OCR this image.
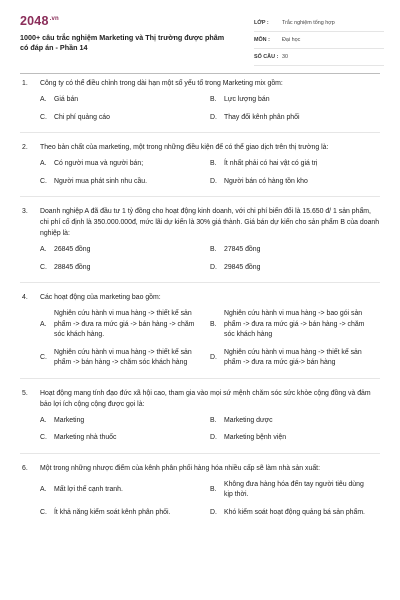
$2048^{.vn}$
1000+ câu trắc nghiệm Marketing và Thị trường được phâm có đáp án - Phần 14
LỚP :	Trắc nghiệm tổng hợp
MÔN :	Đại học
SỐ CÂU : 30
1.	Công ty có thể điều chỉnh trong dài hạn một số yếu tố trong Marketing mix gồm:
A.	Giá bán	B.	Lực lượng bán
C.	Chi phí quảng cáo	D.	Thay đổi kênh phân phối
2.	Theo bản chất của marketing, một trong những điều kiện để có thể giao dịch trên thị trường là:
A.	Có người mua và người bán;	B.	Ít nhất phải có hai vật có giá trị
C.	Người mua phát sinh nhu cầu.	D.	Người bán có hàng tồn kho
3.	Doanh nghiệp A đã đầu tư 1 tỷ đồng cho hoạt động kinh doanh, với chi phí biến đổi là 15.650 đ/ 1 sản phẩm, chi phí cố định là 350.000.000đ, mức lãi dự kiến là 30% giá thành. Giá bán dự kiến cho sản phẩm B của doanh nghiệp là:
A.	26845 đồng	B.	27845 đồng
C.	28845 đồng	D.	29845 đồng
4.	Các hoạt động của marketing bao gồm:
A.
Nghiên cứu hành vi mua hàng -> thiết kế sản phẩm -> đưa ra mức giá -> bán hàng -> chăm sóc khách hàng.
B.
Nghiên cứu hành vi mua hàng -> bao gói sản phẩm -> đưa ra mức giá -> bán hàng -> chăm sóc khách hàng
C.
Nghiên cứu hành vi mua hàng -> thiết kế sản phẩm -> bán hàng -> chăm sóc khách hàng
D.
Nghiên cứu hành vi mua hàng -> thiết kế sản phẩm -> đưa ra mức giá-> bán hàng
5.	Hoạt động mang tính đạo đức xã hội cao, tham gia vào mọi sứ mệnh chăm sóc sức khỏe cộng đồng và đảm bảo lợi ích cộng cộng được gọi là:
A.	Marketing	B.	Marketing dược
C.	Marketing nhà thuốc	D.	Marketing bệnh viện
6.	Một trong những nhược điểm của kênh phân phối hàng hóa nhiều cấp sẽ làm nhà sản xuất:
A.	Mất lợi thế cạnh tranh.	B.
Không đưa hàng hóa đến tay người tiêu dùng kịp thời.
C.	Ít khả năng kiểm soát kênh phân phối.	D.	Khó kiểm soát hoạt động quảng bá sản phẩm.
